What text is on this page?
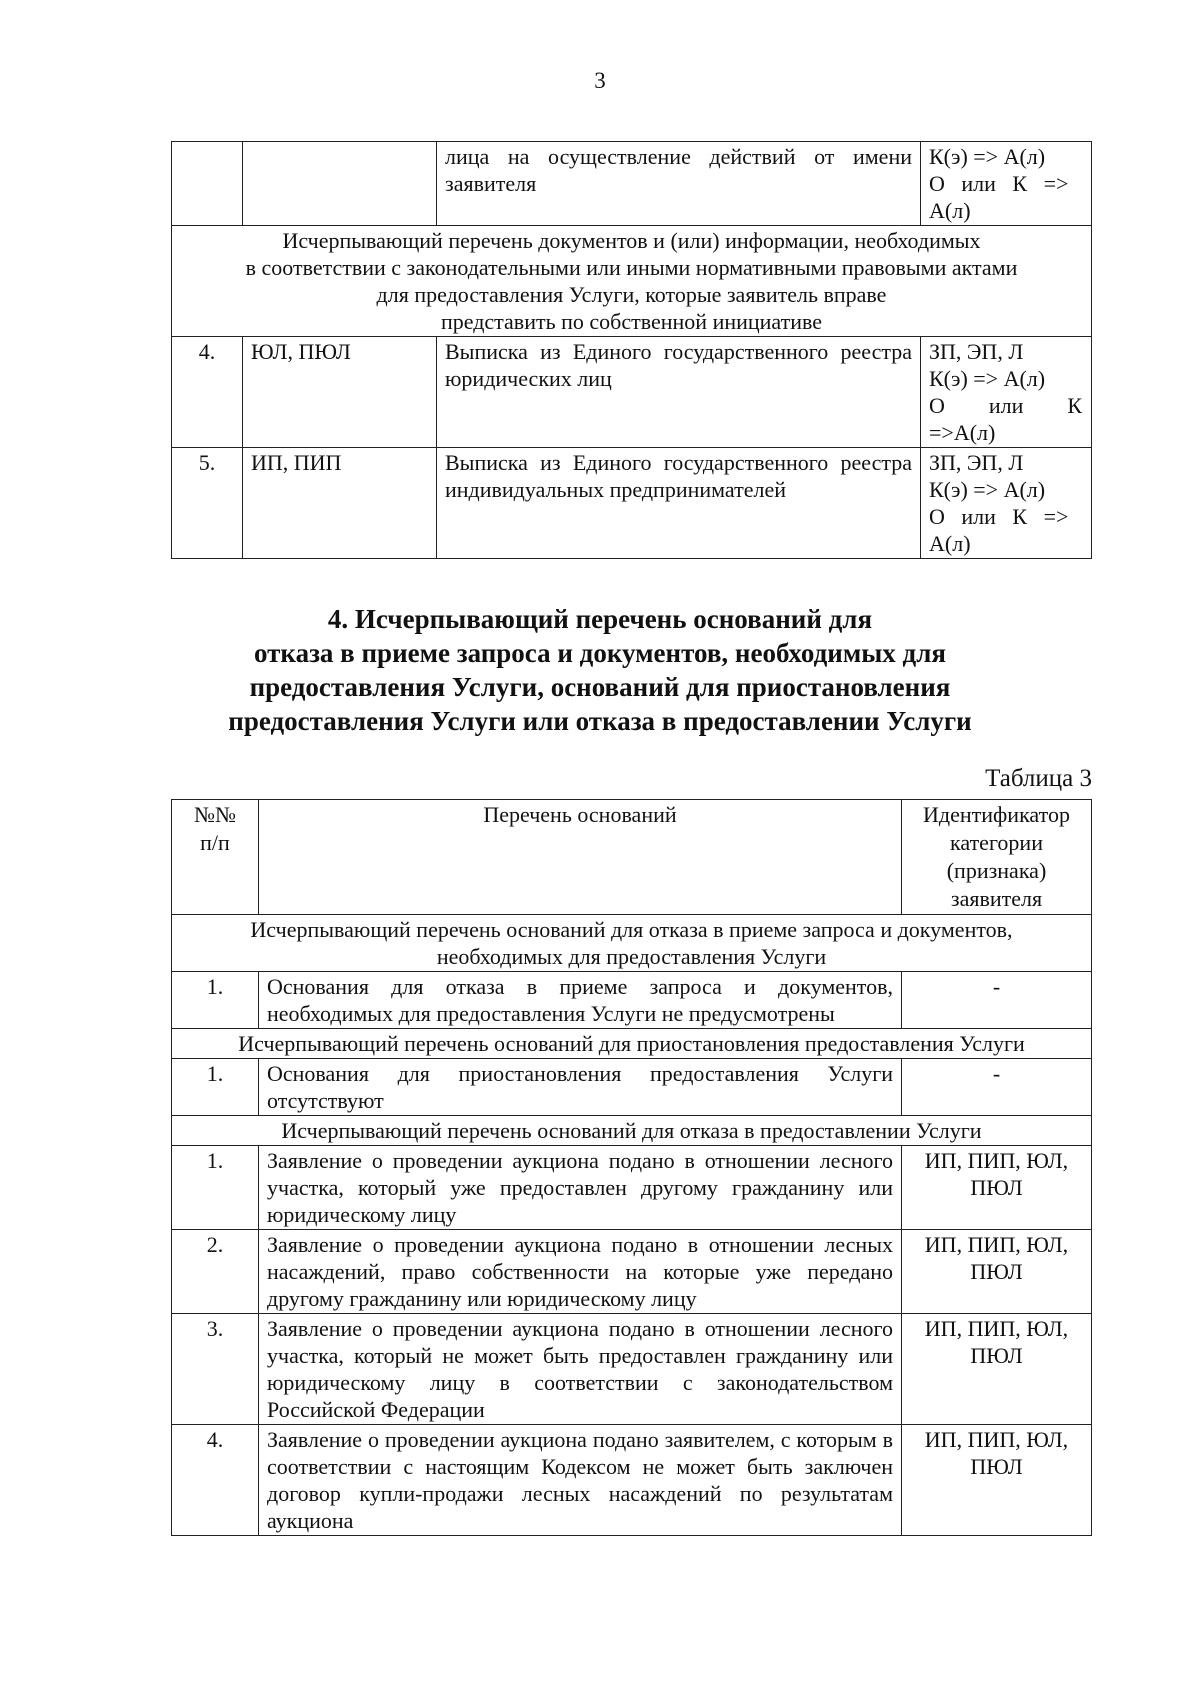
3
		лица на осуществление действий от имени заявителя	К(э) => А(л)
О   или   К   =>
А(л)

Исчерпывающий перечень документов и (или) информации, необходимых
в соответствии с законодательными или иными нормативными правовыми актами
для предоставления Услуги, которые заявитель вправе
представить по собственной инициативе			

4.	ЮЛ, ПЮЛ	Выписка из Единого государственного реестра юридических лиц	ЗП, ЭП, Л
К(э) => А(л)
О        или        К
=>А(л)

5.	ИП, ПИП	Выписка из Единого государственного реестра индивидуальных предпринимателей	ЗП, ЭП, Л
К(э) => А(л)
О   или   К   =>
А(л)
4. Исчерпывающий перечень оснований для
отказа в приеме запроса и документов, необходимых для
предоставления Услуги, оснований для приостановления
предоставления Услуги или отказа в предоставлении Услуги
Таблица 3
№№ п/п	Перечень оснований	Идентификатор категории (признака) заявителя
Исчерпывающий перечень оснований для отказа в приеме запроса и документов, необходимых для предоставления Услуги		
1.	Основания для отказа в приеме запроса и документов, необходимых для предоставления Услуги не предусмотрены	-
Исчерпывающий перечень оснований для приостановления предоставления Услуги		
1.	Основания для приостановления предоставления Услуги отсутствуют	-
Исчерпывающий перечень оснований для отказа в предоставлении Услуги		
1.	Заявление о проведении аукциона подано в отношении лесного участка, который уже предоставлен другому гражданину или юридическому лицу	ИП, ПИП, ЮЛ, ПЮЛ
2.	Заявление о проведении аукциона подано в отношении лесных насаждений, право собственности на которые уже передано другому гражданину или юридическому лицу	ИП, ПИП, ЮЛ, ПЮЛ
3.	Заявление о проведении аукциона подано в отношении лесного участка, который не может быть предоставлен гражданину или юридическому лицу в соответствии с законодательством Российской Федерации	ИП, ПИП, ЮЛ, ПЮЛ
4.	Заявление о проведении аукциона подано заявителем, с которым в соответствии с настоящим Кодексом не может быть заключен договор купли-продажи лесных насаждений по результатам аукциона	ИП, ПИП, ЮЛ, ПЮЛ
